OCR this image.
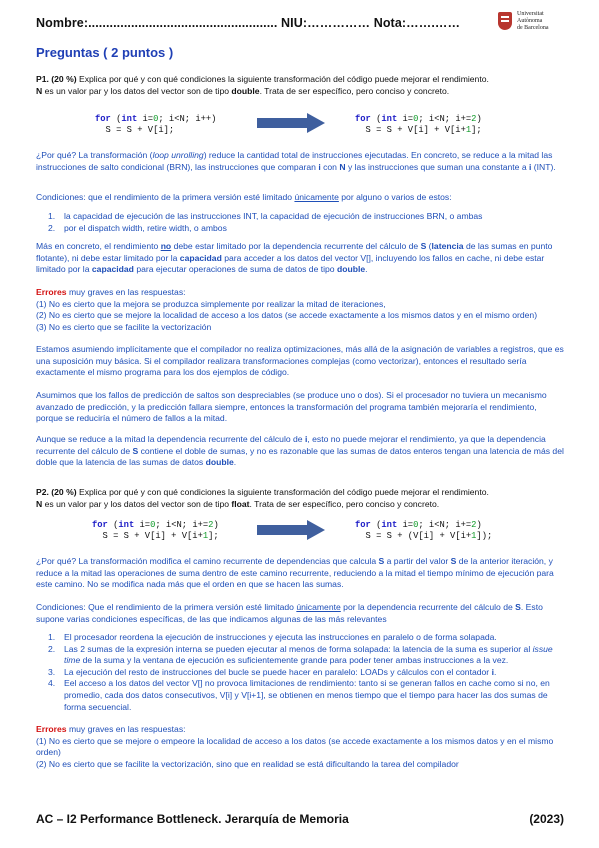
Nombre:..................................................... NIU:…………… Nota:…….……
Universitat
Autònoma
de Barcelona
Preguntas ( 2 puntos )
P1. (20 %) Explica por qué y con qué condiciones la siguiente transformación del código puede mejorar el rendimiento.
N es un valor par y los datos del vector son de tipo double. Trata de ser específico, pero conciso y concreto.
for (int i=0; i<N; i++)
S = S + V[i];
for (int i=0; i<N; i+=2)
S = S + V[i] + V[i+1];
¿Por qué? La transformación (loop unrolling) reduce la cantidad total de instrucciones ejecutadas. En concreto, se reduce a la mitad las instrucciones de salto condicional (BRN), las instrucciones que comparan i con N y las instrucciones que suman una constante a i (INT).
Condiciones: que el rendimiento de la primera versión esté limitado únicamente por alguno o varios de estos:
1. la capacidad de ejecución de las instrucciones INT, la capacidad de ejecución de instrucciones BRN, o ambas
2. por el dispatch width, retire width, o ambos
Más en concreto, el rendimiento no debe estar limitado por la dependencia recurrente del cálculo de S (latencia de las sumas en punto flotante), ni debe estar limitado por la capacidad para acceder a los datos del vector V[], incluyendo los fallos en cache, ni debe estar limitado por la capacidad para ejecutar operaciones de suma de datos de tipo double.
Errores muy graves en las respuestas:
(1) No es cierto que la mejora se produzca simplemente por realizar la mitad de iteraciones,
(2) No es cierto que se mejore la localidad de acceso a los datos (se accede exactamente a los mismos datos y en el mismo orden)
(3) No es cierto que se facilite la vectorización
Estamos asumiendo implícitamente que el compilador no realiza optimizaciones, más allá de la asignación de variables a registros, que es una suposición muy básica. Si el compilador realizara transformaciones complejas (como vectorizar), entonces el resultado sería exactamente el mismo programa para los dos ejemplos de código.
Asumimos que los fallos de predicción de saltos son despreciables (se produce uno o dos). Si el procesador no tuviera un mecanismo avanzado de predicción, y la predicción fallara siempre, entonces la transformación del programa también mejoraría el rendimiento, porque se reduciría el número de fallos a la mitad.
Aunque se reduce a la mitad la dependencia recurrente del cálculo de i, esto no puede mejorar el rendimiento, ya que la dependencia recurrente del cálculo de S contiene el doble de sumas, y no es razonable que las sumas de datos enteros tengan una latencia de más del doble que la latencia de las sumas de datos double.
P2. (20 %) Explica por qué y con qué condiciones la siguiente transformación del código puede mejorar el rendimiento.
N es un valor par y los datos del vector son de tipo float. Trata de ser específico, pero conciso y concreto.
for (int i=0; i<N; i+=2)
S = S + V[i] + V[i+1];
for (int i=0; i<N; i+=2)
S = S + (V[i] + V[i+1]);
¿Por qué? La transformación modifica el camino recurrente de dependencias que calcula S a partir del valor S de la anterior iteración, y reduce a la mitad las operaciones de suma dentro de este camino recurrente, reduciendo a la mitad el tiempo mínimo de ejecución para este camino. No se modifica nada más que el orden en que se hacen las sumas.
Condiciones: Que el rendimiento de la primera versión esté limitado únicamente por la dependencia recurrente del cálculo de S. Esto supone varias condiciones específicas, de las que indicamos algunas de las más relevantes
1. El procesador reordena la ejecución de instrucciones y ejecuta las instrucciones en paralelo o de forma solapada.
2. Las 2 sumas de la expresión interna se pueden ejecutar al menos de forma solapada: la latencia de la suma es superior al issue time de la suma y la ventana de ejecución es suficientemente grande para poder tener ambas instrucciones a la vez.
3. La ejecución del resto de instrucciones del bucle se puede hacer en paralelo: LOADs y cálculos con el contador i.
4. Eel acceso a los datos del vector V[] no provoca limitaciones de rendimiento: tanto si se generan fallos en cache como si no, en promedio, cada dos datos consecutivos, V[i] y V[i+1], se obtienen en menos tiempo que el tiempo para hacer las dos sumas de forma secuencial.
Errores muy graves en las respuestas:
(1) No es cierto que se mejore o empeore la localidad de acceso a los datos (se accede exactamente a los mismos datos y en el mismo orden)
(2) No es cierto que se facilite la vectorización, sino que en realidad se está dificultando la tarea del compilador
AC – I2 Performance Bottleneck. Jerarquía de Memoria	(2023)
